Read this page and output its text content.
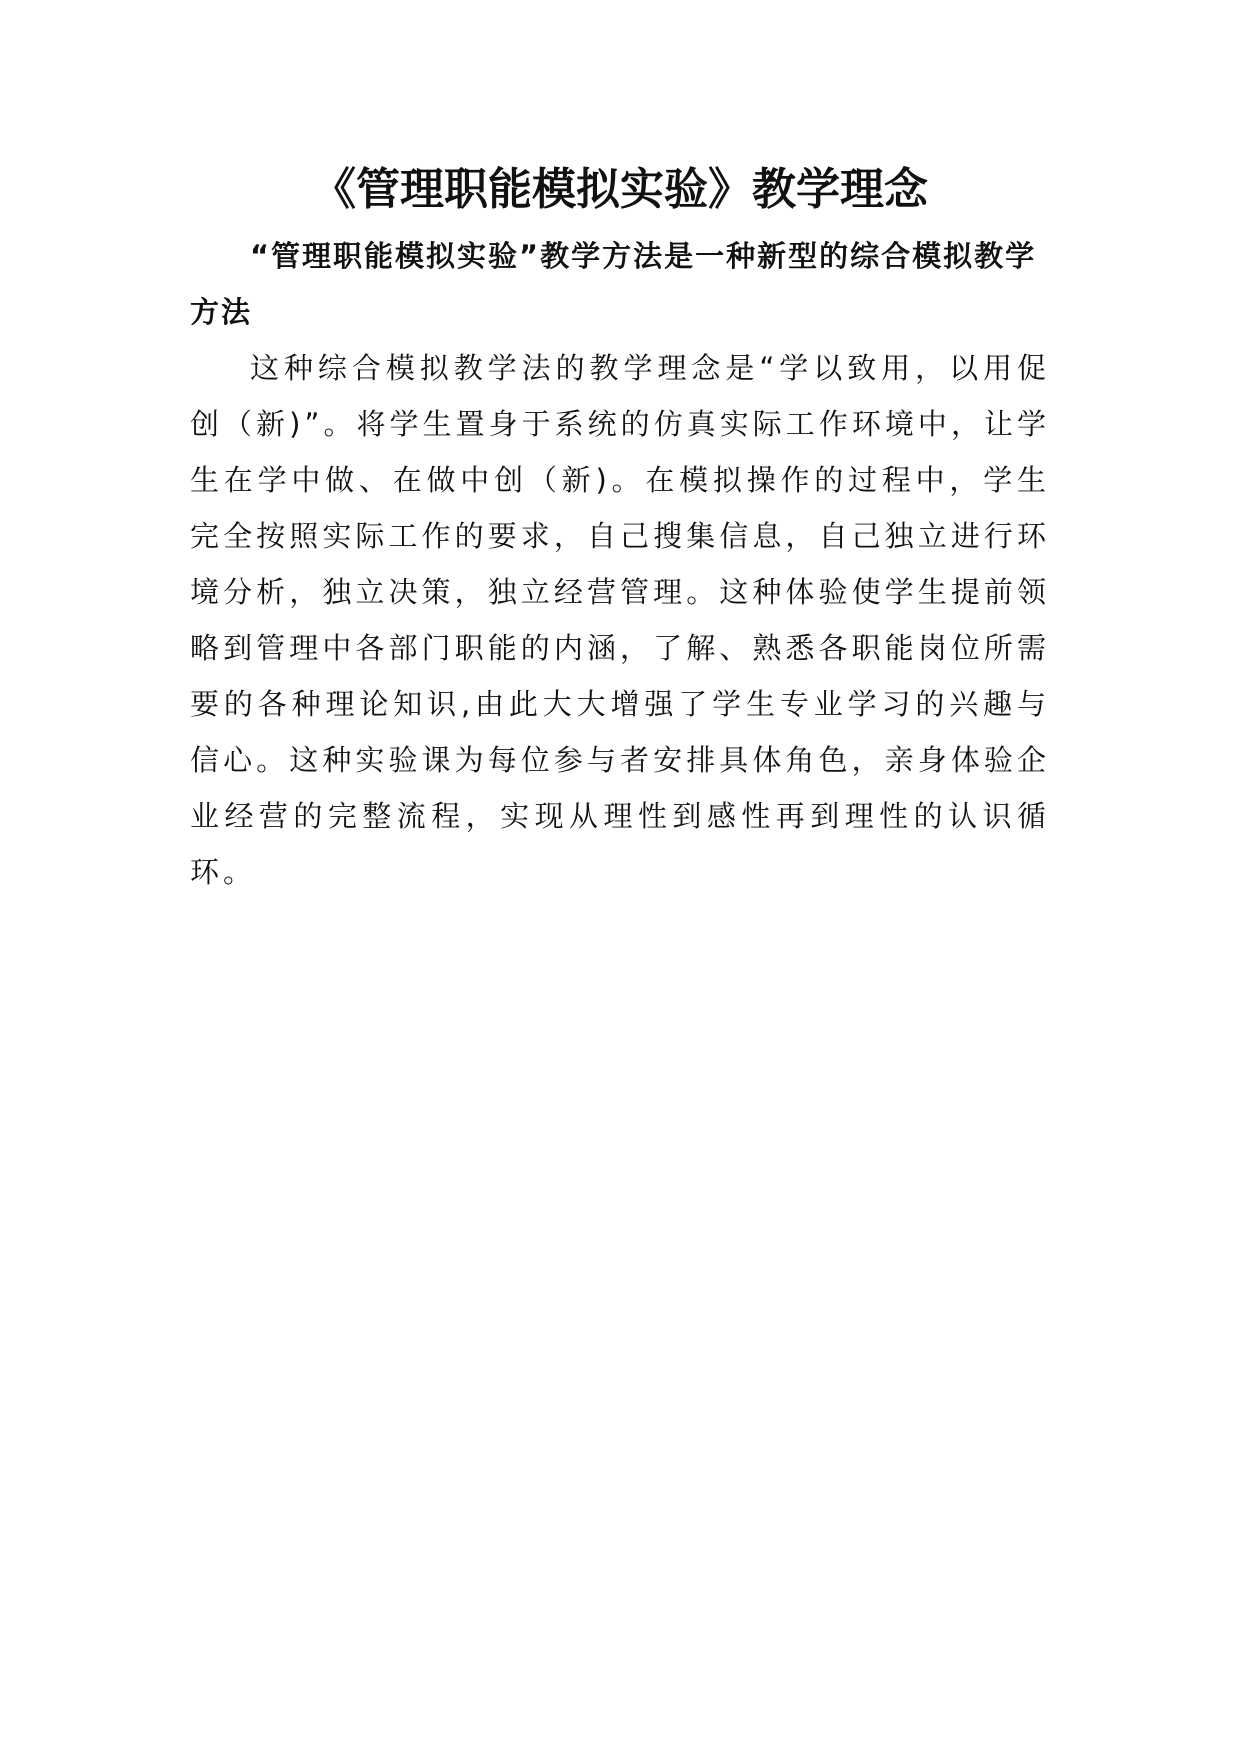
《管理职能模拟实验》教学理念

“管理职能模拟实验”教学方法是一种新型的综合模拟教学方法

这种综合模拟教学法的教学理念是“学以致用，以用促创（新)”。将学生置身于系统的仿真实际工作环境中，让学生在学中做、在做中创（新)。在模拟操作的过程中，学生完全按照实际工作的要求，自己搜集信息，自己独立进行环境分析，独立决策，独立经营管理。这种体验使学生提前领略到管理中各部门职能的内涵，了解、熟悉各职能岗位所需要的各种理论知识,由此大大增强了学生专业学习的兴趣与信心。这种实验课为每位参与者安排具体角色，亲身体验企业经营的完整流程，实现从理性到感性再到理性的认识循环。
